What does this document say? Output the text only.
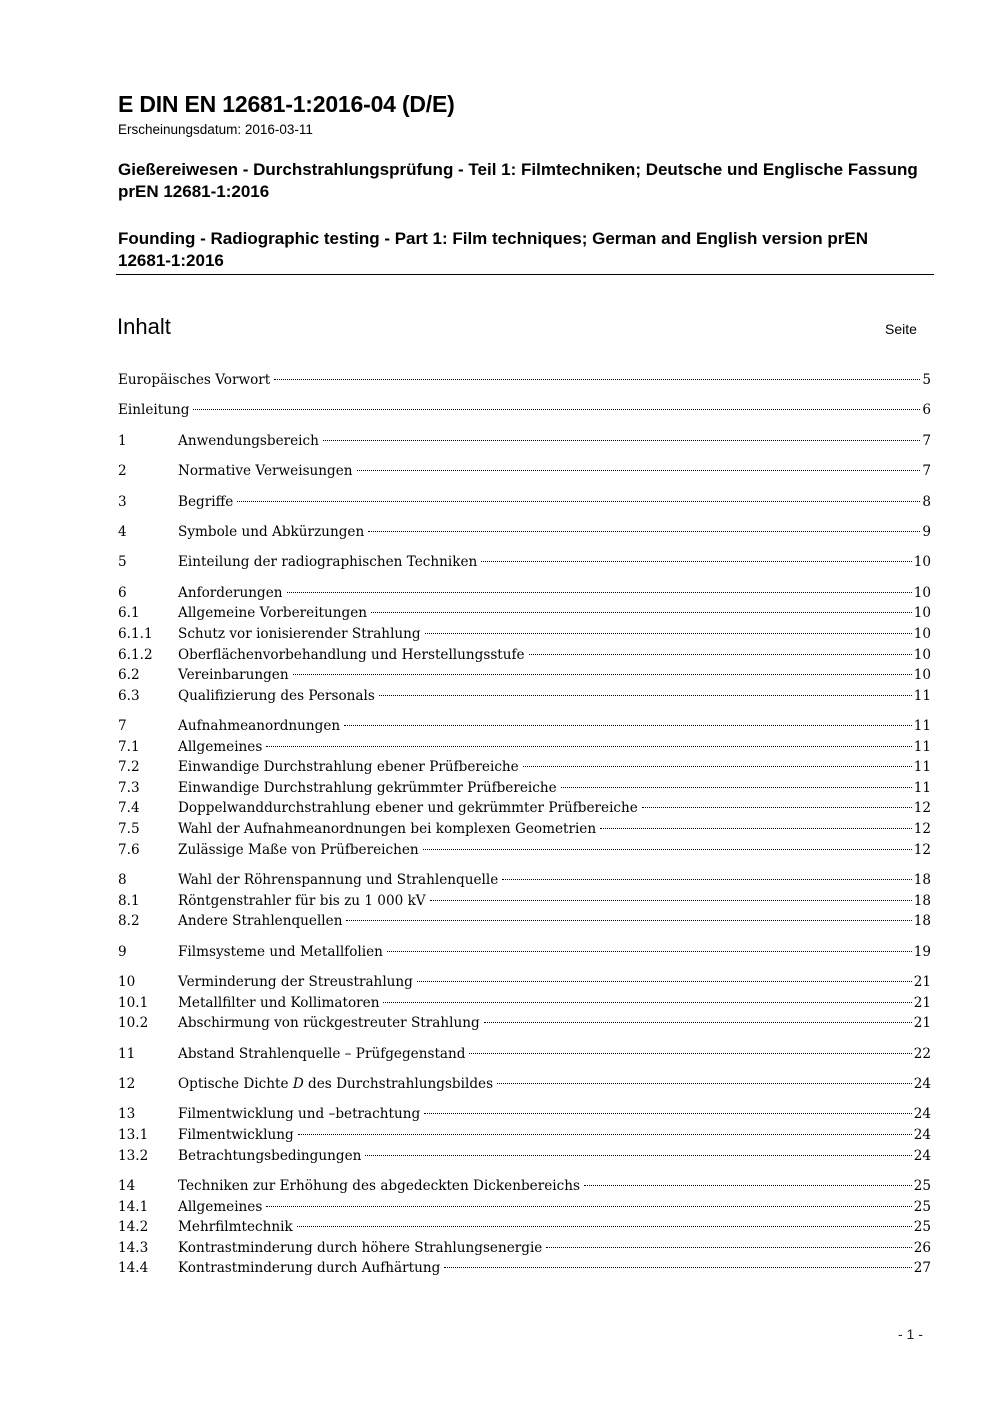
E DIN EN 12681-1:2016-04 (D/E)
Erscheinungsdatum: 2016-03-11
Gießereiwesen - Durchstrahlungsprüfung - Teil 1: Filmtechniken; Deutsche und Englische Fassung prEN 12681-1:2016
Founding - Radiographic testing - Part 1: Film techniques; German and English version prEN 12681-1:2016
Inhalt	Seite
Europäisches Vorwort	5
Einleitung	6
1	Anwendungsbereich	7
2	Normative Verweisungen	7
3	Begriffe	8
4	Symbole und Abkürzungen	9
5	Einteilung der radiographischen Techniken	10
6	Anforderungen	10
6.1	Allgemeine Vorbereitungen	10
6.1.1	Schutz vor ionisierender Strahlung	10
6.1.2	Oberflächenvorbehandlung und Herstellungsstufe	10
6.2	Vereinbarungen	10
6.3	Qualifizierung des Personals	11
7	Aufnahmeanordnungen	11
7.1	Allgemeines	11
7.2	Einwandige Durchstrahlung ebener Prüfbereiche	11
7.3	Einwandige Durchstrahlung gekrümmter Prüfbereiche	11
7.4	Doppelwanddurchstrahlung ebener und gekrümmter Prüfbereiche	12
7.5	Wahl der Aufnahmeanordnungen bei komplexen Geometrien	12
7.6	Zulässige Maße von Prüfbereichen	12
8	Wahl der Röhrenspannung und Strahlenquelle	18
8.1	Röntgenstrahler für bis zu 1 000 kV	18
8.2	Andere Strahlenquellen	18
9	Filmsysteme und Metallfolien	19
10	Verminderung der Streustrahlung	21
10.1	Metallfilter und Kollimatoren	21
10.2	Abschirmung von rückgestreuter Strahlung	21
11	Abstand Strahlenquelle – Prüfgegenstand	22
12	Optische Dichte D des Durchstrahlungsbildes	24
13	Filmentwicklung und –betrachtung	24
13.1	Filmentwicklung	24
13.2	Betrachtungsbedingungen	24
14	Techniken zur Erhöhung des abgedeckten Dickenbereichs	25
14.1	Allgemeines	25
14.2	Mehrfilmtechnik	25
14.3	Kontrastminderung durch höhere Strahlungsenergie	26
14.4	Kontrastminderung durch Aufhärtung	27
- 1 -
